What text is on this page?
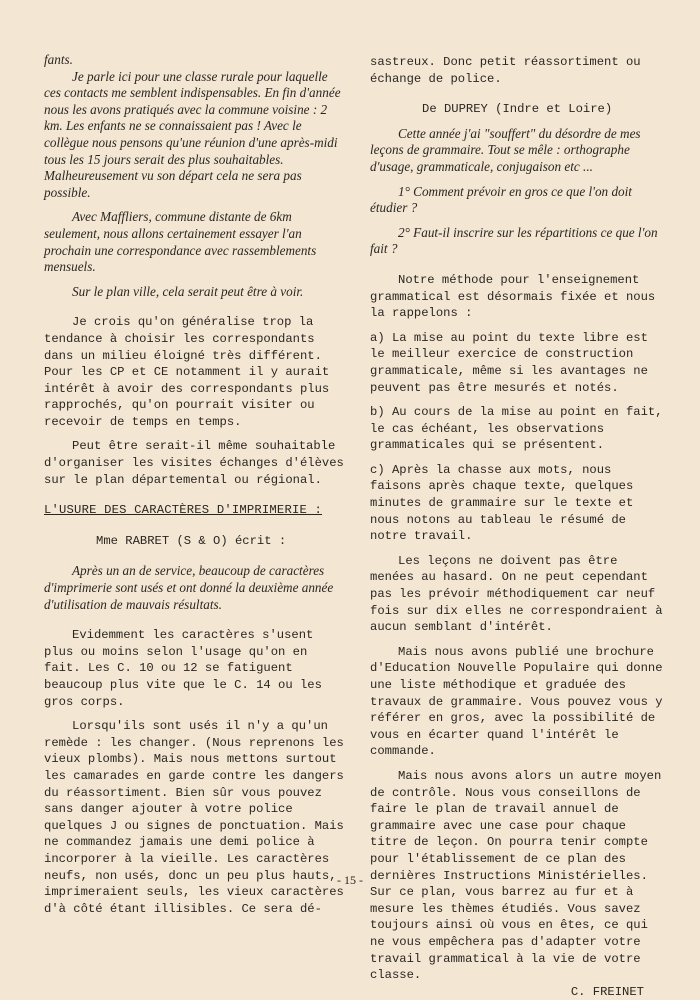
fants.

Je parle ici pour une classe rurale pour laquelle ces contacts me semblent indispensables. En fin d'année nous les avons pratiqués avec la commune voisine : 2 km. Les enfants ne se connaissaient pas ! Avec le collègue nous pensons qu'une réunion d'une après-midi tous les 15 jours serait des plus souhaitables. Malheureusement vu son départ cela ne sera pas possible.

Avec Maffliers, commune distante de 6km seulement, nous allons certainement essayer l'an prochain une correspondance avec rassemblements mensuels.

Sur le plan ville, cela serait peut être à voir.

Je crois qu'on généralise trop la tendance à choisir les correspondants dans un milieu éloigné très différent. Pour les CP et CE notamment il y aurait intérêt à avoir des correspondants plus rapprochés, qu'on pourrait visiter ou recevoir de temps en temps.

Peut être serait-il même souhaitable d'organiser les visites échanges d'élèves sur le plan départemental ou régional.

L'USURE DES CARACTÈRES D'IMPRIMERIE :

Mme RABRET (S & O) écrit :

Après un an de service, beaucoup de caractères d'imprimerie sont usés et ont donné la deuxième année d'utilisation de mauvais résultats.

Evidemment les caractères s'usent plus ou moins selon l'usage qu'on en fait. Les C. 10 ou 12 se fatiguent beaucoup plus vite que le C. 14 ou les gros corps.

Lorsqu'ils sont usés il n'y a qu'un remède : les changer. (Nous reprenons les vieux plombs). Mais nous mettons surtout les camarades en garde contre les dangers du réassortiment. Bien sûr vous pouvez sans danger ajouter à votre police quelques J ou signes de ponctuation. Mais ne commandez jamais une demi police à incorporer à la vieille. Les caractères neufs, non usés, donc un peu plus hauts, imprimeraient seuls, les vieux caractères d'à côté étant illisibles. Ce sera dé-

sastreux. Donc petit réassortiment ou échange de police.

De DUPREY (Indre et Loire)

Cette année j'ai "souffert" du désordre de mes leçons de grammaire. Tout se mêle : orthographe d'usage, grammaticale, conjugaison etc ...

1° Comment prévoir en gros ce que l'on doit étudier ?

2° Faut-il inscrire sur les répartitions ce que l'on fait ?

Notre méthode pour l'enseignement grammatical est désormais fixée et nous la rappelons :

a) La mise au point du texte libre est le meilleur exercice de construction grammaticale, même si les avantages ne peuvent pas être mesurés et notés.

b) Au cours de la mise au point en fait, le cas échéant, les observations grammaticales qui se présentent.

c) Après la chasse aux mots, nous faisons après chaque texte, quelques minutes de grammaire sur le texte et nous notons au tableau le résumé de notre travail.

Les leçons ne doivent pas être menées au hasard. On ne peut cependant pas les prévoir méthodiquement car neuf fois sur dix elles ne correspondraient à aucun semblant d'intérêt.

Mais nous avons publié une brochure d'Education Nouvelle Populaire qui donne une liste méthodique et graduée des travaux de grammaire. Vous pouvez vous y référer en gros, avec la possibilité de vous en écarter quand l'intérêt le commande.

Mais nous avons alors un autre moyen de contrôle. Nous vous conseillons de faire le plan de travail annuel de grammaire avec une case pour chaque titre de leçon. On pourra tenir compte pour l'établissement de ce plan des dernières Instructions Ministérielles. Sur ce plan, vous barrez au fur et à mesure les thèmes étudiés. Vous savez toujours ainsi où vous en êtes, ce qui ne vous empêchera pas d'adapter votre travail grammatical à la vie de votre classe.

C. FREINET

- 15 -
